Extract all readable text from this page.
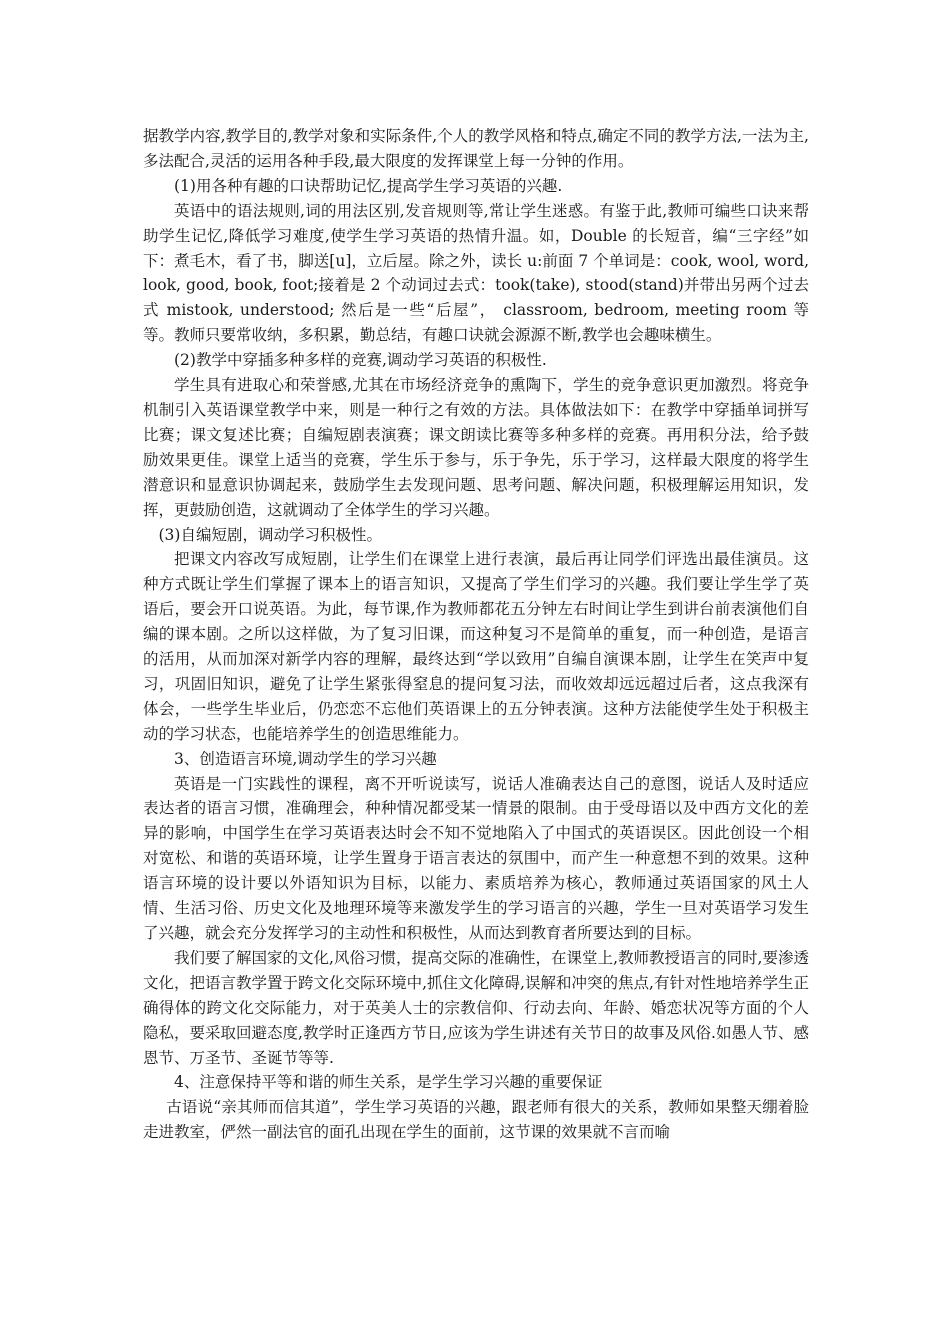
据教学内容,教学目的,教学对象和实际条件,个人的教学风格和特点,确定不同的教学方法,一法为主,多法配合,灵活的运用各种手段,最大限度的发挥课堂上每一分钟的作用。

(1)用各种有趣的口诀帮助记忆,提高学生学习英语的兴趣.

英语中的语法规则,词的用法区别,发音规则等,常让学生迷惑。有鉴于此,教师可编些口诀来帮助学生记忆,降低学习难度,使学生学习英语的热情升温。如，Double 的长短音，编“三字经”如下：煮毛木，看了书，脚送[u]，立后屋。除之外，读长 u:前面 7 个单词是：cook, wool, word, look, good, book, foot;接着是 2 个动词过去式：took(take), stood(stand)并带出另两个过去式 mistook, understood; 然后是一些“后屋”， classroom, bedroom, meeting room 等等。教师只要常收纳，多积累，勤总结，有趣口诀就会源源不断,教学也会趣味横生。

(2)教学中穿插多种多样的竞赛,调动学习英语的积极性.

学生具有进取心和荣誉感,尤其在市场经济竞争的熏陶下，学生的竞争意识更加激烈。将竞争机制引入英语课堂教学中来，则是一种行之有效的方法。具体做法如下：在教学中穿插单词拼写比赛；课文复述比赛；自编短剧表演赛；课文朗读比赛等多种多样的竞赛。再用积分法，给予鼓励效果更佳。课堂上适当的竞赛，学生乐于参与，乐于争先，乐于学习，这样最大限度的将学生潜意识和显意识协调起来，鼓励学生去发现问题、思考问题、解决问题，积极理解运用知识，发挥，更鼓励创造，这就调动了全体学生的学习兴趣。

(3)自编短剧，调动学习积极性。

把课文内容改写成短剧，让学生们在课堂上进行表演，最后再让同学们评选出最佳演员。这种方式既让学生们掌握了课本上的语言知识，又提高了学生们学习的兴趣。我们要让学生学了英语后，要会开口说英语。为此，每节课,作为教师都花五分钟左右时间让学生到讲台前表演他们自编的课本剧。之所以这样做，为了复习旧课，而这种复习不是简单的重复，而一种创造，是语言的活用，从而加深对新学内容的理解，最终达到“学以致用”自编自演课本剧，让学生在笑声中复习，巩固旧知识，避免了让学生紧张得窒息的提问复习法，而收效却远远超过后者，这点我深有体会，一些学生毕业后，仍恋恋不忘他们英语课上的五分钟表演。这种方法能使学生处于积极主动的学习状态，也能培养学生的创造思维能力。

3、创造语言环境,调动学生的学习兴趣

英语是一门实践性的课程，离不开听说读写，说话人准确表达自己的意图，说话人及时适应表达者的语言习惯，准确理会，种种情况都受某一情景的限制。由于受母语以及中西方文化的差异的影响，中国学生在学习英语表达时会不知不觉地陷入了中国式的英语误区。因此创设一个相对宽松、和谐的英语环境，让学生置身于语言表达的氛围中，而产生一种意想不到的效果。这种语言环境的设计要以外语知识为目标，以能力、素质培养为核心，教师通过英语国家的风土人情、生活习俗、历史文化及地理环境等来激发学生的学习语言的兴趣，学生一旦对英语学习发生了兴趣，就会充分发挥学习的主动性和积极性，从而达到教育者所要达到的目标。

我们要了解国家的文化,风俗习惯，提高交际的准确性，在课堂上,教师教授语言的同时,要渗透文化，把语言教学置于跨文化交际环境中,抓住文化障碍,误解和冲突的焦点,有针对性地培养学生正确得体的跨文化交际能力，对于英美人士的宗教信仰、行动去向、年龄、婚恋状况等方面的个人隐私，要采取回避态度,教学时正逢西方节日,应该为学生讲述有关节日的故事及风俗.如愚人节、感恩节、万圣节、圣诞节等等.

4、注意保持平等和谐的师生关系，是学生学习兴趣的重要保证

古语说“亲其师而信其道”，学生学习英语的兴趣，跟老师有很大的关系，教师如果整天绷着脸走进教室，俨然一副法官的面孔出现在学生的面前，这节课的效果就不言而喻
